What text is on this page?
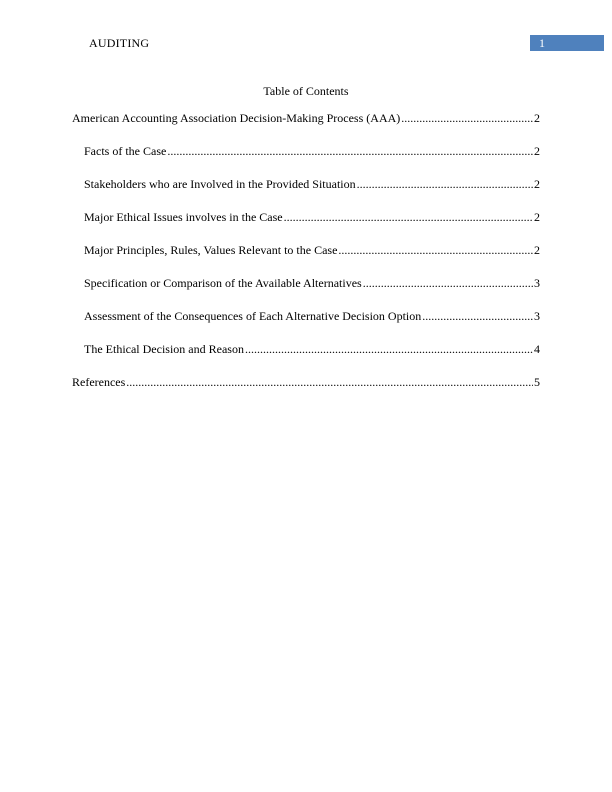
AUDITING	1
Table of Contents
American Accounting Association Decision-Making Process (AAA) .....	2
Facts of the Case .....	2
Stakeholders who are Involved in the Provided Situation .....	2
Major Ethical Issues involves in the Case .....	2
Major Principles, Rules, Values Relevant to the Case .....	2
Specification or Comparison of the Available Alternatives .....	3
Assessment of the Consequences of Each Alternative Decision Option .....	3
The Ethical Decision and Reason .....	4
References .....	5
